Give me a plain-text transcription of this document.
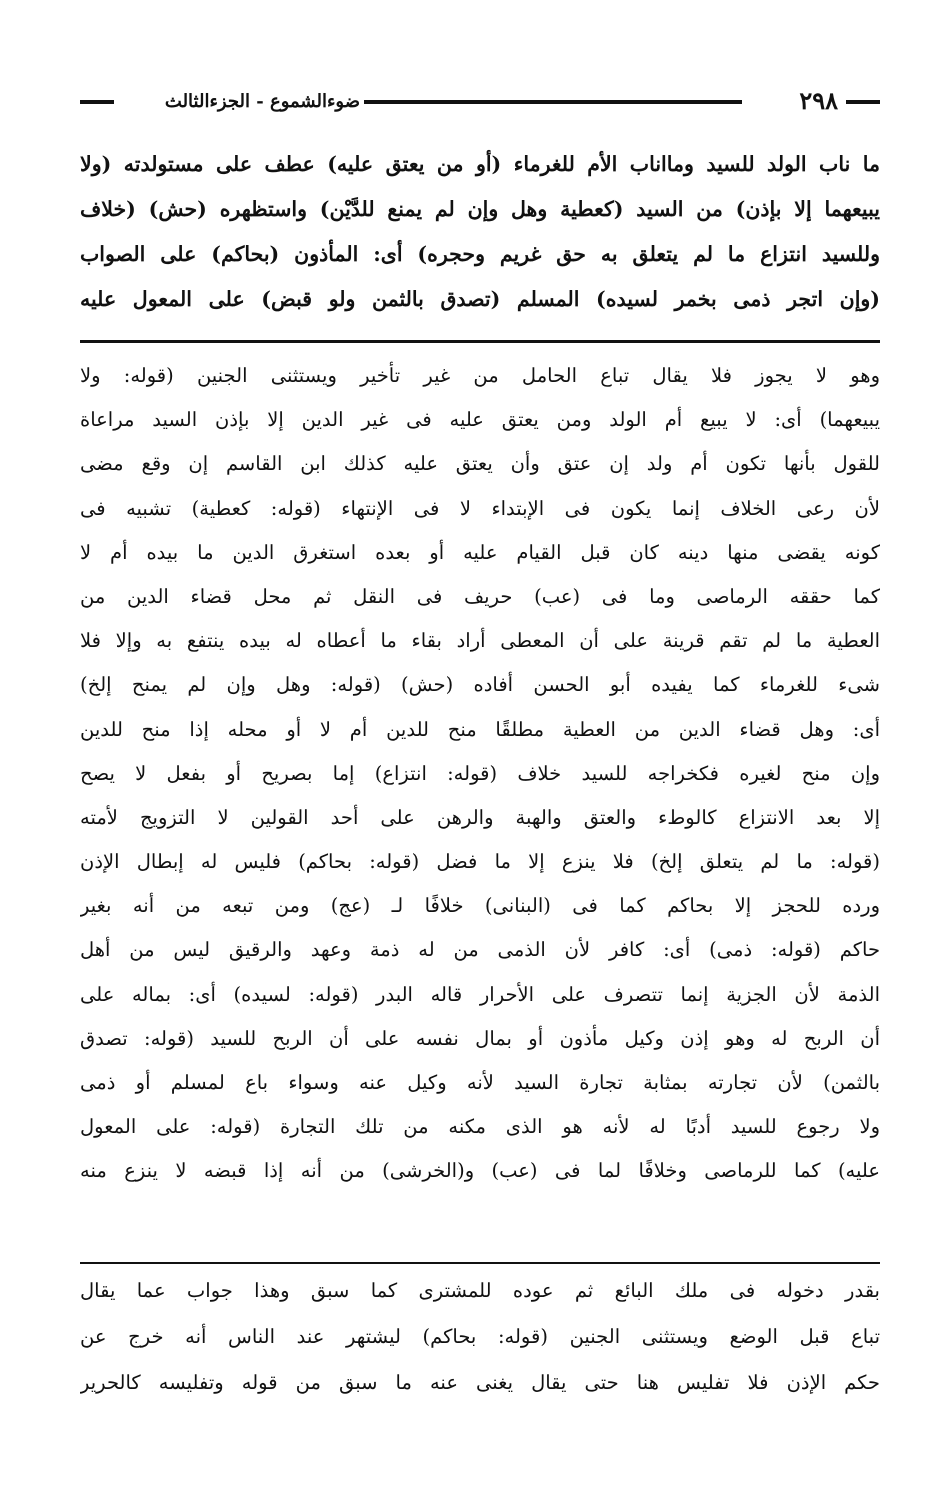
٢٩٨
ضوءالشموع - الجزءالثالث
ما ناب الولد للسيد ومااناب الأم للغرماء (أو من يعتق عليه) عطف على مستولدته (ولا
يبيعهما إلا بإذن) من السيد (كعطية وهل وإن لم يمنع للدَّيْن) واستظهره (حش) (خلاف
وللسيد انتزاع ما لم يتعلق به حق غريم وحجره) أى: المأذون (بحاكم) على الصواب
(وإن اتجر ذمى بخمر لسيده) المسلم (تصدق بالثمن ولو قبض) على المعول عليه
وهو لا يجوز فلا يقال تباع الحامل من غير تأخير ويستثنى الجنين (قوله: ولا
يبيعهما) أى: لا يبيع أم الولد ومن يعتق عليه فى غير الدين إلا بإذن السيد مراعاة
للقول بأنها تكون أم ولد إن عتق وأن يعتق عليه كذلك ابن القاسم إن وقع مضى
لأن رعى الخلاف إنما يكون فى الإبتداء لا فى الإنتهاء (قوله: كعطية) تشبيه فى
كونه يقضى منها دينه كان قبل القيام عليه أو بعده استغرق الدين ما بيده أم لا
كما حققه الرماصى وما فى (عب) حريف فى النقل ثم محل قضاء الدين من
العطية ما لم تقم قرينة على أن المعطى أراد بقاء ما أعطاه له بيده ينتفع به وإلا فلا
شىء للغرماء كما يفيده أبو الحسن أفاده (حش) (قوله: وهل وإن لم يمنح إلخ)
أى: وهل قضاء الدين من العطية مطلقًا منح للدين أم لا أو محله إذا منح للدين
وإن منح لغيره فكخراجه للسيد خلاف (قوله: انتزاع) إما بصريح أو بفعل لا يصح
إلا بعد الانتزاع كالوطء والعتق والهبة والرهن على أحد القولين لا التزويج لأمته
(قوله: ما لم يتعلق إلخ) فلا ينزع إلا ما فضل (قوله: بحاكم) فليس له إبطال الإذن
ورده للحجز إلا بحاكم كما فى (البنانى) خلافًا لـ (عج) ومن تبعه من أنه بغير
حاكم (قوله: ذمى) أى: كافر لأن الذمى من له ذمة وعهد والرقيق ليس من أهل
الذمة لأن الجزية إنما تتصرف على الأحرار قاله البدر (قوله: لسيده) أى: بماله على
أن الربح له وهو إذن وكيل مأذون أو بمال نفسه على أن الربح للسيد (قوله: تصدق
بالثمن) لأن تجارته بمثابة تجارة السيد لأنه وكيل عنه وسواء باع لمسلم أو ذمى
ولا رجوع للسيد أدبًا له لأنه هو الذى مكنه من تلك التجارة (قوله: على المعول
عليه) كما للرماصى وخلافًا لما فى (عب) و(الخرشى) من أنه إذا قبضه لا ينزع منه
بقدر دخوله فى ملك البائع ثم عوده للمشترى كما سبق وهذا جواب عما يقال
تباع قبل الوضع ويستثنى الجنين (قوله: بحاكم) ليشتهر عند الناس أنه خرج عن
حكم الإذن فلا تفليس هنا حتى يقال يغنى عنه ما سبق من قوله وتفليسه كالحرير
